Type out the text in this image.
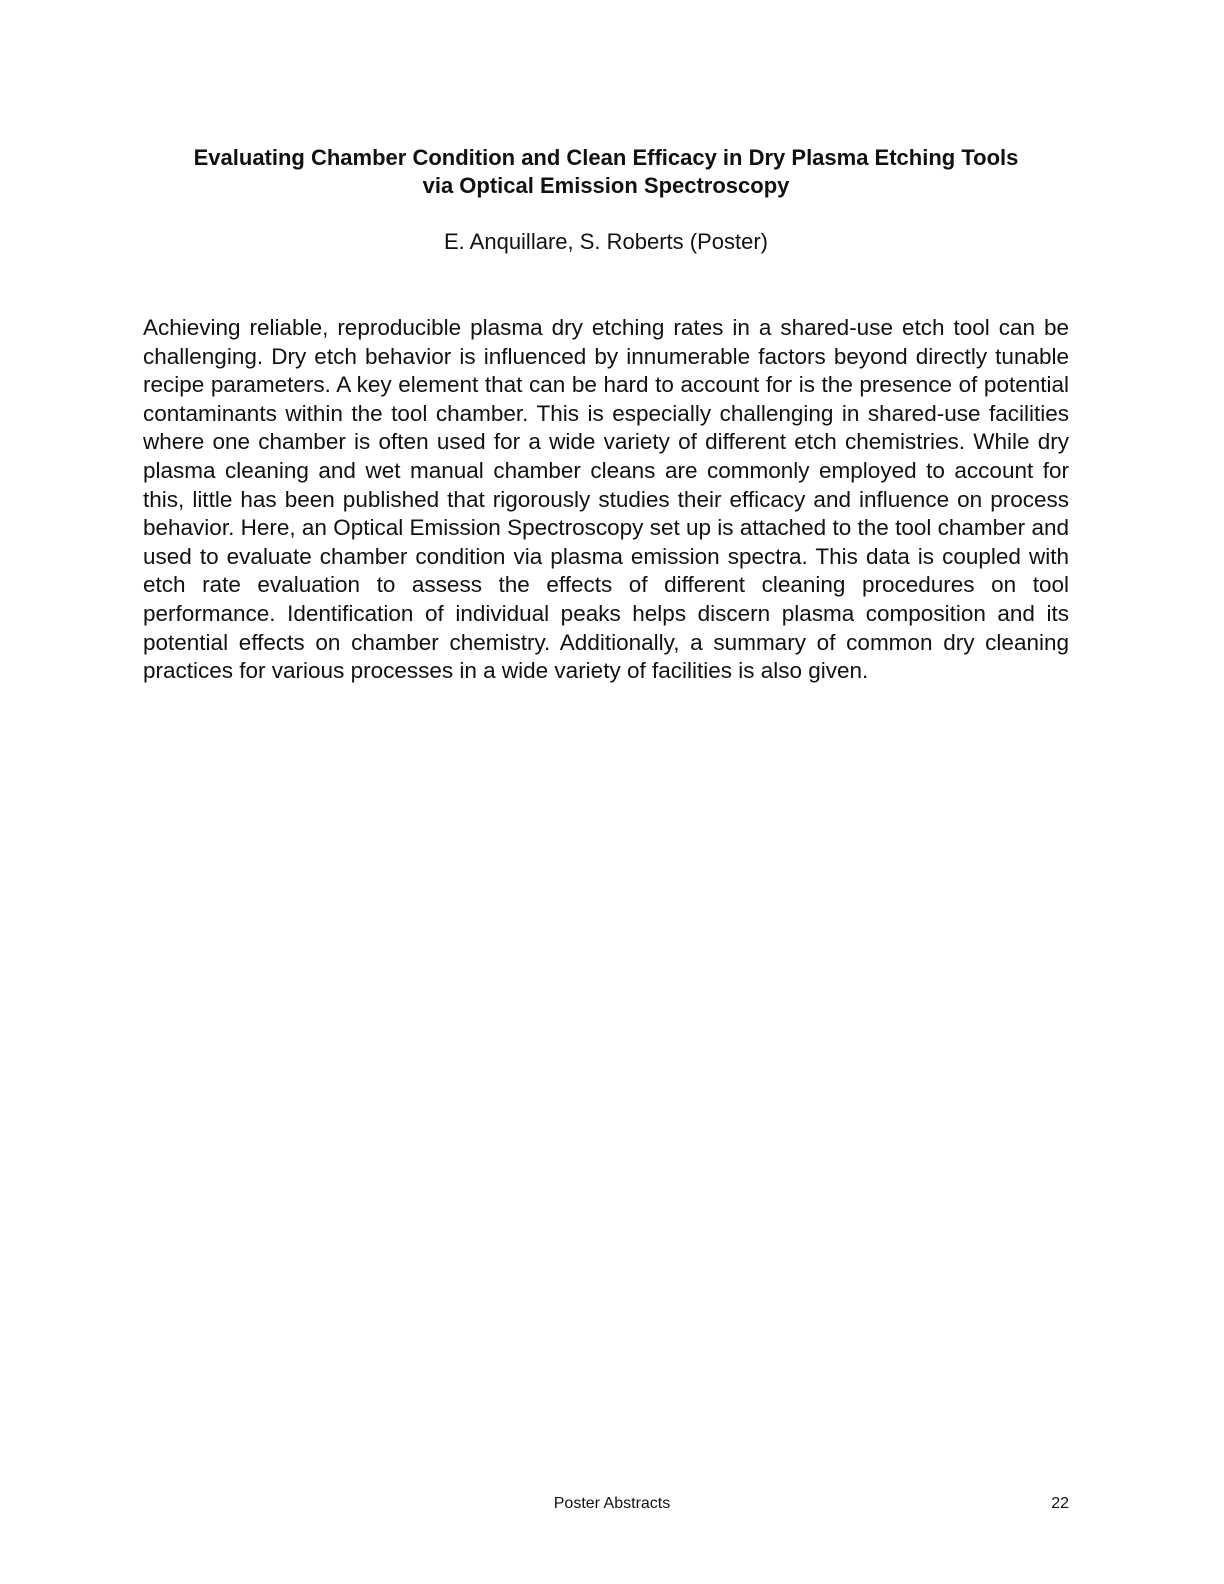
Evaluating Chamber Condition and Clean Efficacy in Dry Plasma Etching Tools
via Optical Emission Spectroscopy

E. Anquillare, S. Roberts (Poster)

Achieving reliable, reproducible plasma dry etching rates in a shared-use etch tool can be challenging. Dry etch behavior is influenced by innumerable factors beyond directly tunable recipe parameters. A key element that can be hard to account for is the presence of potential contaminants within the tool chamber. This is especially challenging in shared-use facilities where one chamber is often used for a wide variety of different etch chemistries. While dry plasma cleaning and wet manual chamber cleans are commonly employed to account for this, little has been published that rigorously studies their efficacy and influence on process behavior. Here, an Optical Emission Spectroscopy set up is attached to the tool chamber and used to evaluate chamber condition via plasma emission spectra. This data is coupled with etch rate evaluation to assess the effects of different cleaning procedures on tool performance. Identification of individual peaks helps discern plasma composition and its potential effects on chamber chemistry. Additionally, a summary of common dry cleaning practices for various processes in a wide variety of facilities is also given.

Poster Abstracts	22
